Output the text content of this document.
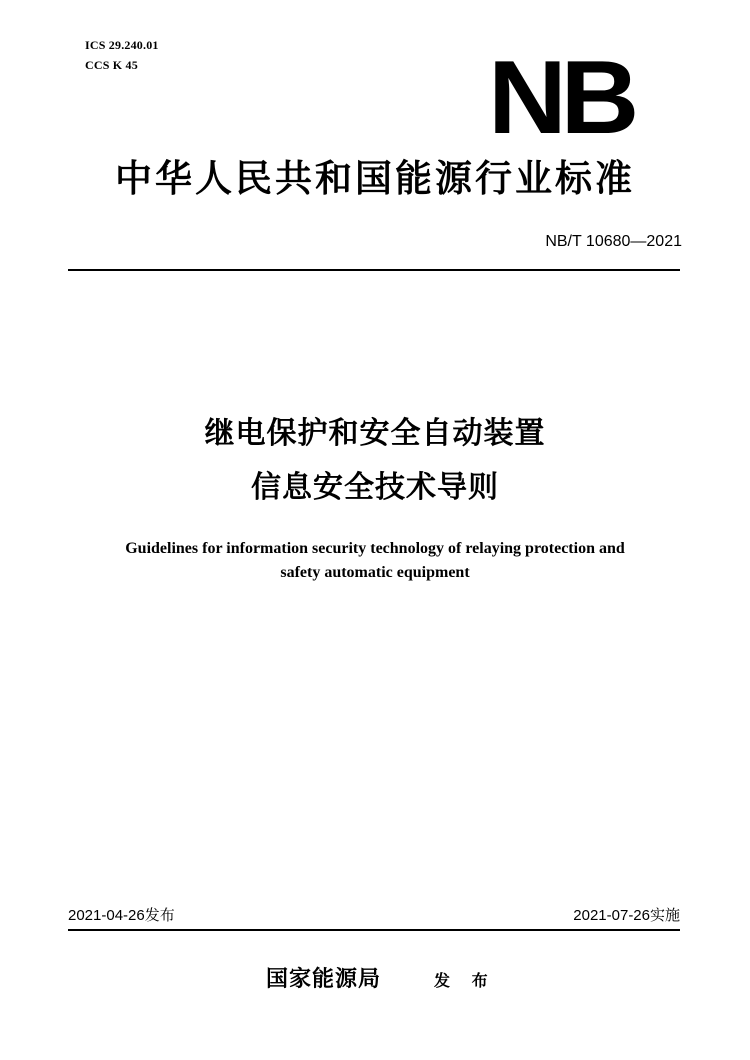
ICS 29.240.01
CCS K 45	NB
中华人民共和国能源行业标准
NB/T 10680—2021
继电保护和安全自动装置
信息安全技术导则
Guidelines for information security technology of relaying protection and
safety automatic equipment
2021-04-26发布	2021-07-26实施
国家能源局	发 布
